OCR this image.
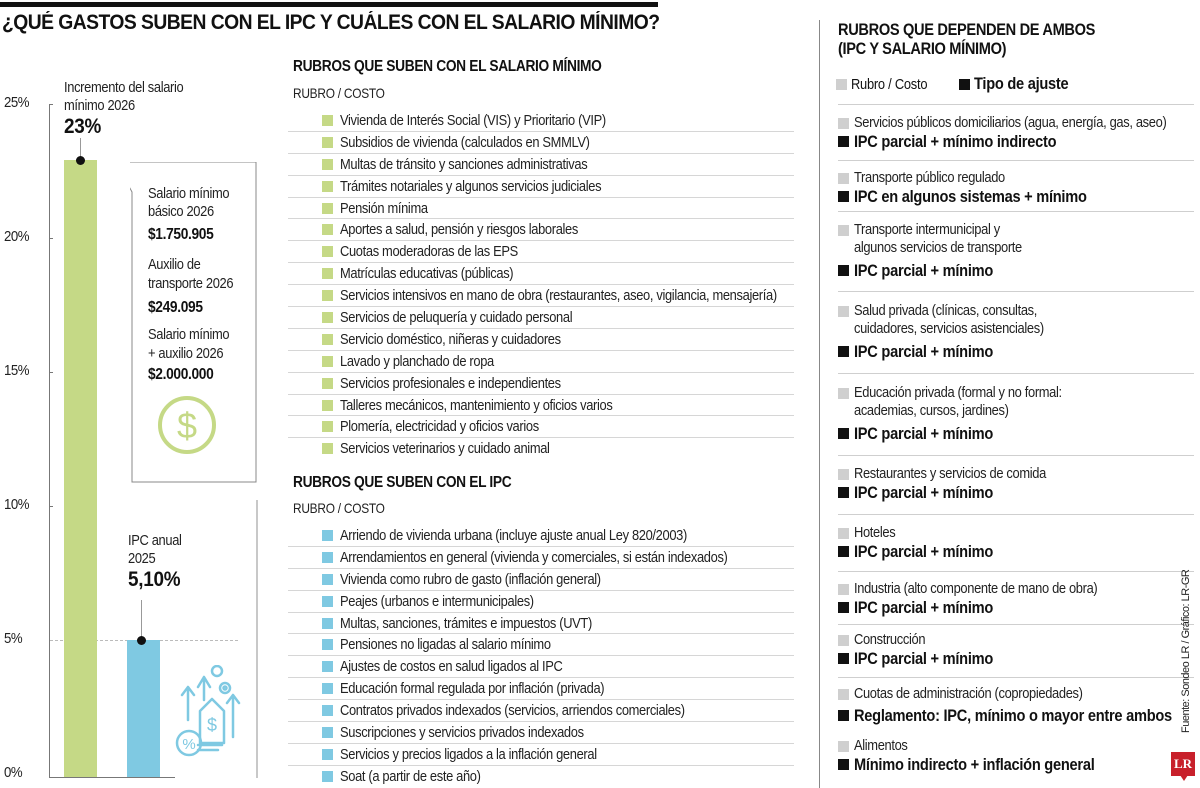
¿QUÉ GASTOS SUBEN CON EL IPC Y CUÁLES CON EL SALARIO MÍNIMO?
25%
20%
15%
10%
5%
0%
Incremento del salario
mínimo 2026
23%
Salario mínimo
básico 2026
$1.750.905
Auxilio de
transporte 2026
$249.095
Salario mínimo
+ auxilio 2026
$2.000.000
$
IPC anual
2025
5,10%
$
%
RUBROS QUE SUBEN CON EL SALARIO MÍNIMO
RUBRO / COSTO
Vivienda de Interés Social (VIS) y Prioritario (VIP)
Subsidios de vivienda (calculados en SMMLV)
Multas de tránsito y sanciones administrativas
Trámites notariales y algunos servicios judiciales
Pensión mínima
Aportes a salud, pensión y riesgos laborales
Cuotas moderadoras de las EPS
Matrículas educativas (públicas)
Servicios intensivos en mano de obra (restaurantes, aseo, vigilancia, mensajería)
Servicios de peluquería y cuidado personal
Servicio doméstico, niñeras y cuidadores
Lavado y planchado de ropa
Servicios profesionales e independientes
Talleres mecánicos, mantenimiento y oficios varios
Plomería, electricidad y oficios varios
Servicios veterinarios y cuidado animal
RUBROS QUE SUBEN CON EL IPC
RUBRO / COSTO
Arriendo de vivienda urbana (incluye ajuste anual Ley 820/2003)
Arrendamientos en general (vivienda y comerciales, si están indexados)
Vivienda como rubro de gasto (inflación general)
Peajes (urbanos e intermunicipales)
Multas, sanciones, trámites e impuestos (UVT)
Pensiones no ligadas al salario mínimo
Ajustes de costos en salud ligados al IPC
Educación formal regulada por inflación (privada)
Contratos privados indexados (servicios, arriendos comerciales)
Suscripciones y servicios privados indexados
Servicios y precios ligados a la inflación general
Soat (a partir de este año)
RUBROS QUE DEPENDEN DE AMBOS
(IPC Y SALARIO MÍNIMO)
Rubro / Costo	Tipo de ajuste
Servicios públicos domiciliarios (agua, energía, gas, aseo)
IPC parcial + mínimo indirecto
Transporte público regulado
IPC en algunos sistemas + mínimo
Transporte intermunicipal y
algunos servicios de transporte
IPC parcial + mínimo
Salud privada (clínicas, consultas,
cuidadores, servicios asistenciales)
IPC parcial + mínimo
Educación privada (formal y no formal:
academias, cursos, jardines)
IPC parcial + mínimo
Restaurantes y servicios de comida
IPC parcial + mínimo
Hoteles
IPC parcial + mínimo
Industria (alto componente de mano de obra)
IPC parcial + mínimo
Construcción
IPC parcial + mínimo
Cuotas de administración (copropiedades)
Reglamento: IPC, mínimo o mayor entre ambos
Alimentos
Mínimo indirecto + inflación general
Fuente: Sondeo LR / Gráfico: LR-GR
LR
